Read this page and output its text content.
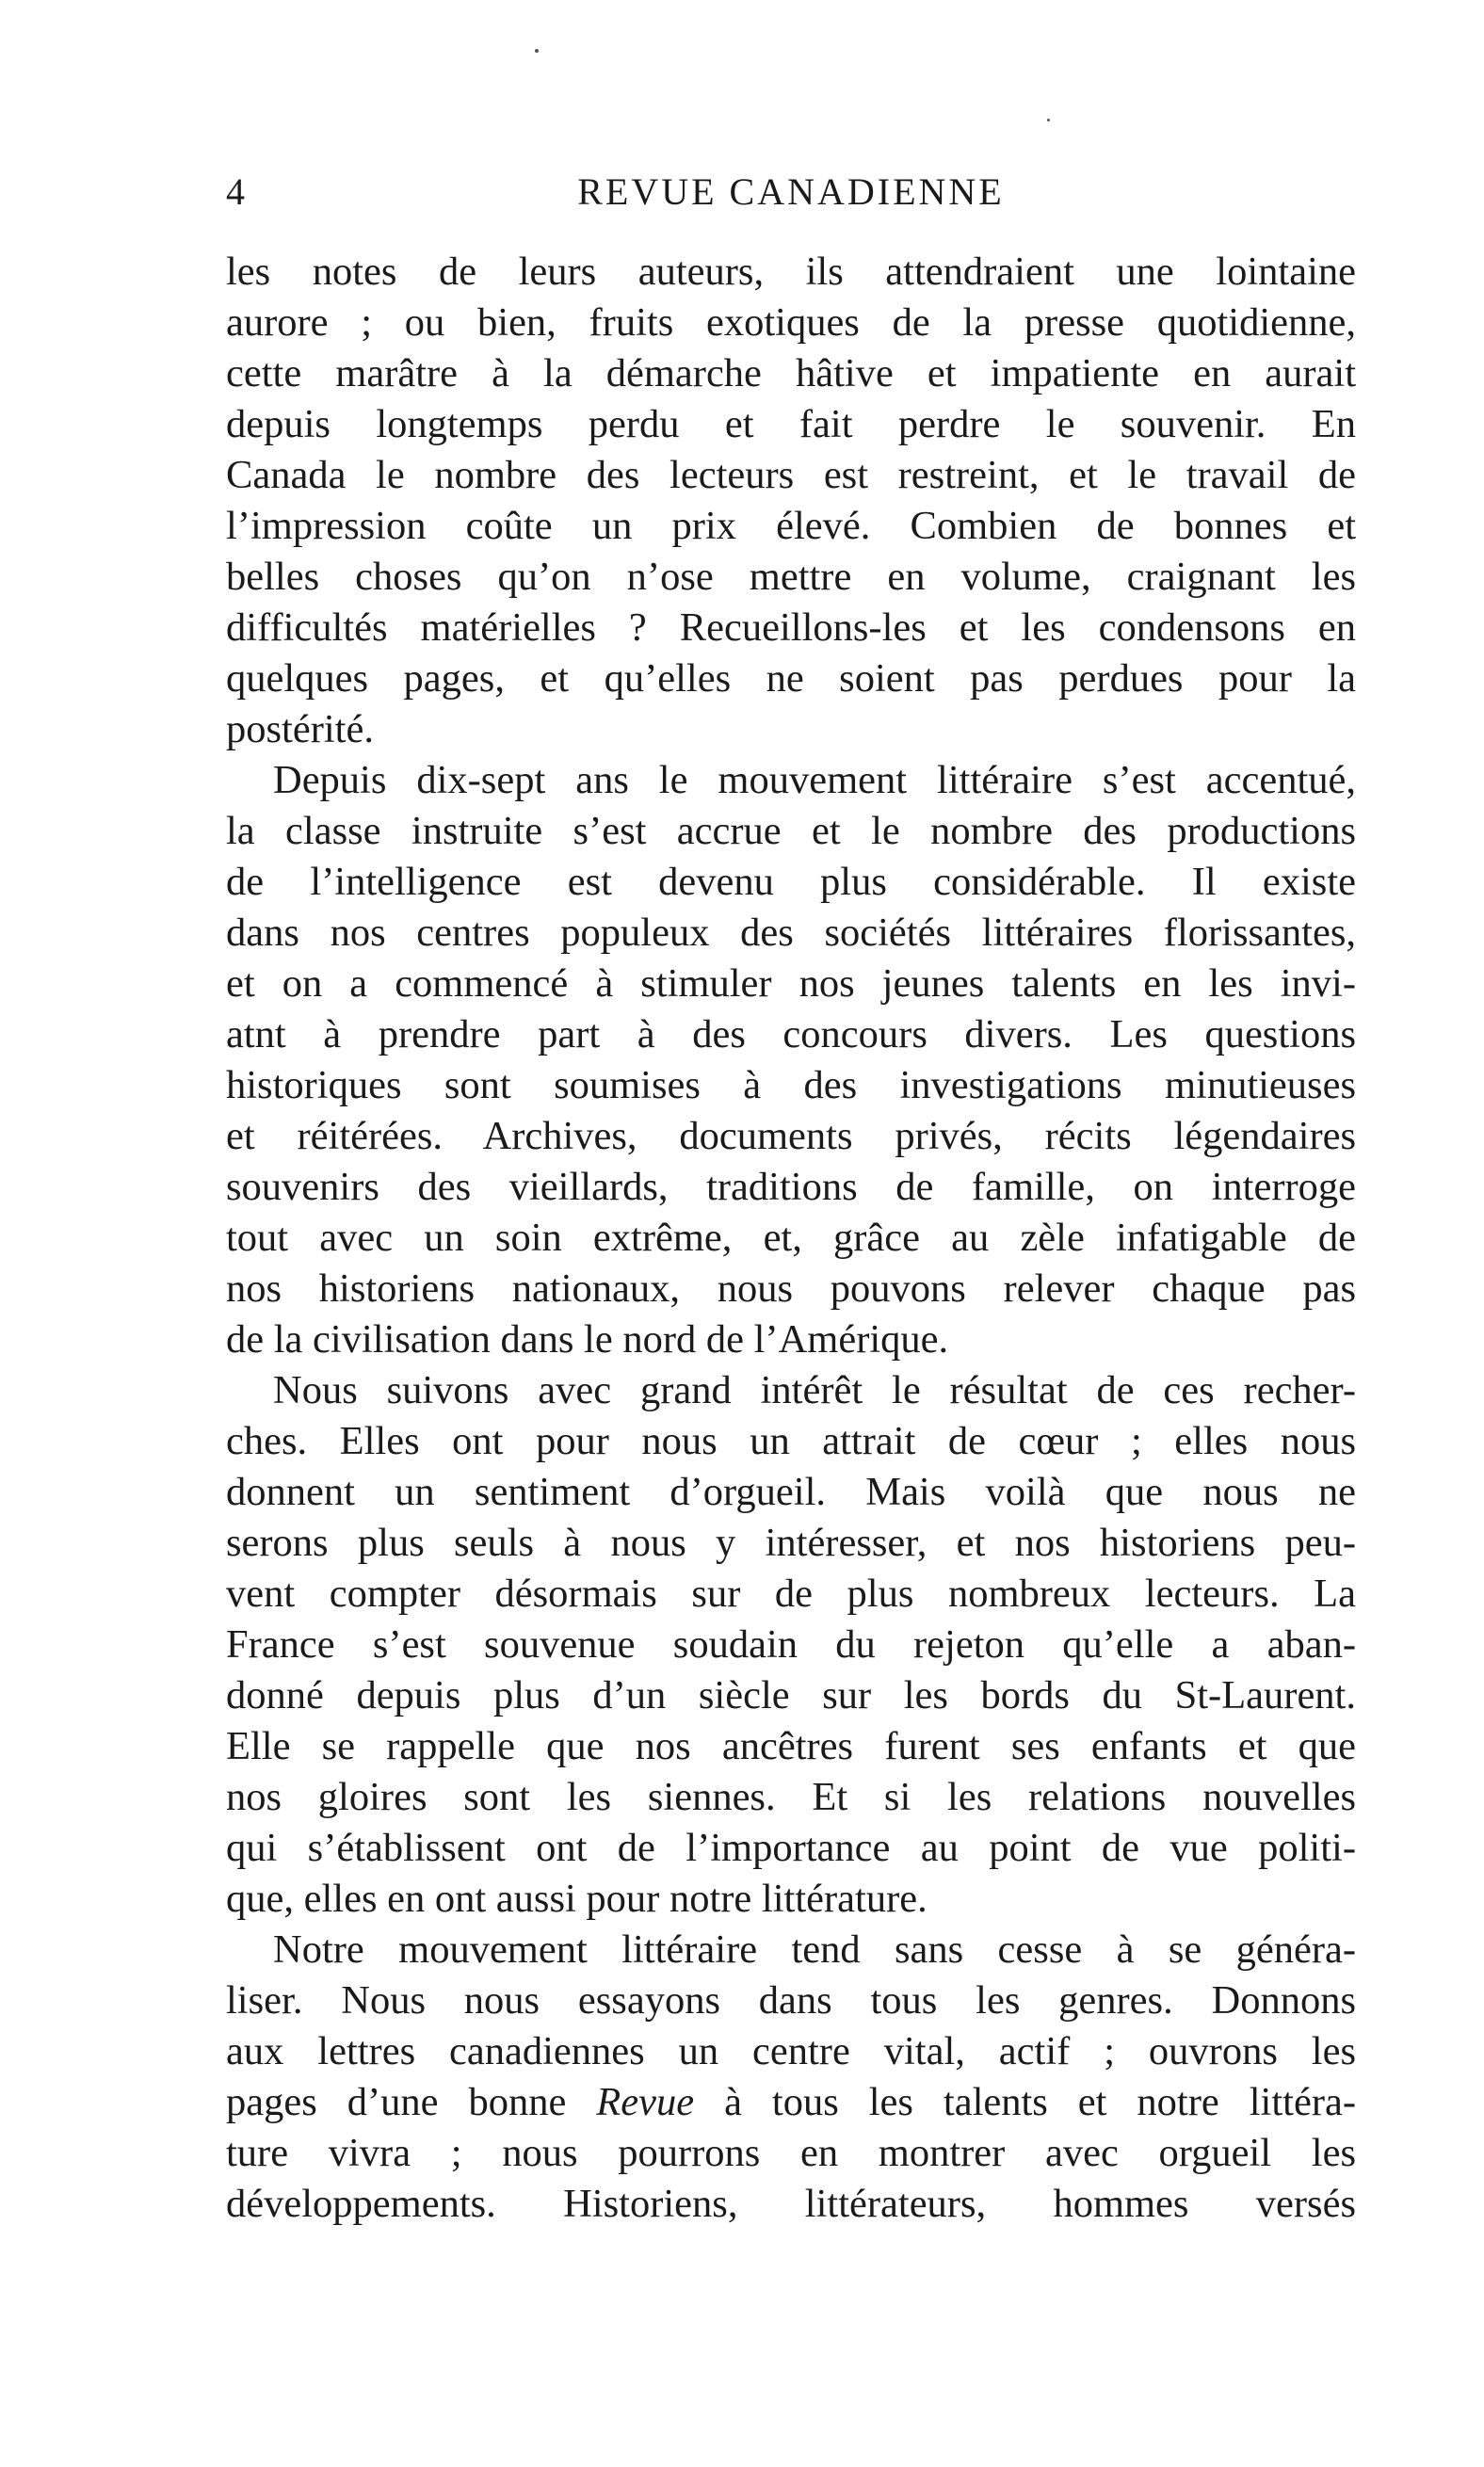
4	REVUE CANADIENNE
les notes de leurs auteurs, ils attendraient une lointaine
aurore ; ou bien, fruits exotiques de la presse quotidienne,
cette marâtre à la démarche hâtive et impatiente en aurait
depuis longtemps perdu et fait perdre le souvenir. En
Canada le nombre des lecteurs est restreint, et le travail de
l’impression coûte un prix élevé. Combien de bonnes et
belles choses qu’on n’ose mettre en volume, craignant les
difficultés matérielles ? Recueillons-les et les condensons en
quelques pages, et qu’elles ne soient pas perdues pour la
postérité.
Depuis dix-sept ans le mouvement littéraire s’est accentué,
la classe instruite s’est accrue et le nombre des productions
de l’intelligence est devenu plus considérable. Il existe
dans nos centres populeux des sociétés littéraires florissantes,
et on a commencé à stimuler nos jeunes talents en les invi-
atnt à prendre part à des concours divers. Les questions
historiques sont soumises à des investigations minutieuses
et réitérées. Archives, documents privés, récits légendaires
souvenirs des vieillards, traditions de famille, on interroge
tout avec un soin extrême, et, grâce au zèle infatigable de
nos historiens nationaux, nous pouvons relever chaque pas
de la civilisation dans le nord de l’Amérique.
Nous suivons avec grand intérêt le résultat de ces recher-
ches. Elles ont pour nous un attrait de cœur ; elles nous
donnent un sentiment d’orgueil. Mais voilà que nous ne
serons plus seuls à nous y intéresser, et nos historiens peu-
vent compter désormais sur de plus nombreux lecteurs. La
France s’est souvenue soudain du rejeton qu’elle a aban-
donné depuis plus d’un siècle sur les bords du St-Laurent.
Elle se rappelle que nos ancêtres furent ses enfants et que
nos gloires sont les siennes. Et si les relations nouvelles
qui s’établissent ont de l’importance au point de vue politi-
que, elles en ont aussi pour notre littérature.
Notre mouvement littéraire tend sans cesse à se généra-
liser. Nous nous essayons dans tous les genres. Donnons
aux lettres canadiennes un centre vital, actif ; ouvrons les
pages d’une bonne Revue à tous les talents et notre littéra-
ture vivra ; nous pourrons en montrer avec orgueil les
développements. Historiens, littérateurs, hommes versés
